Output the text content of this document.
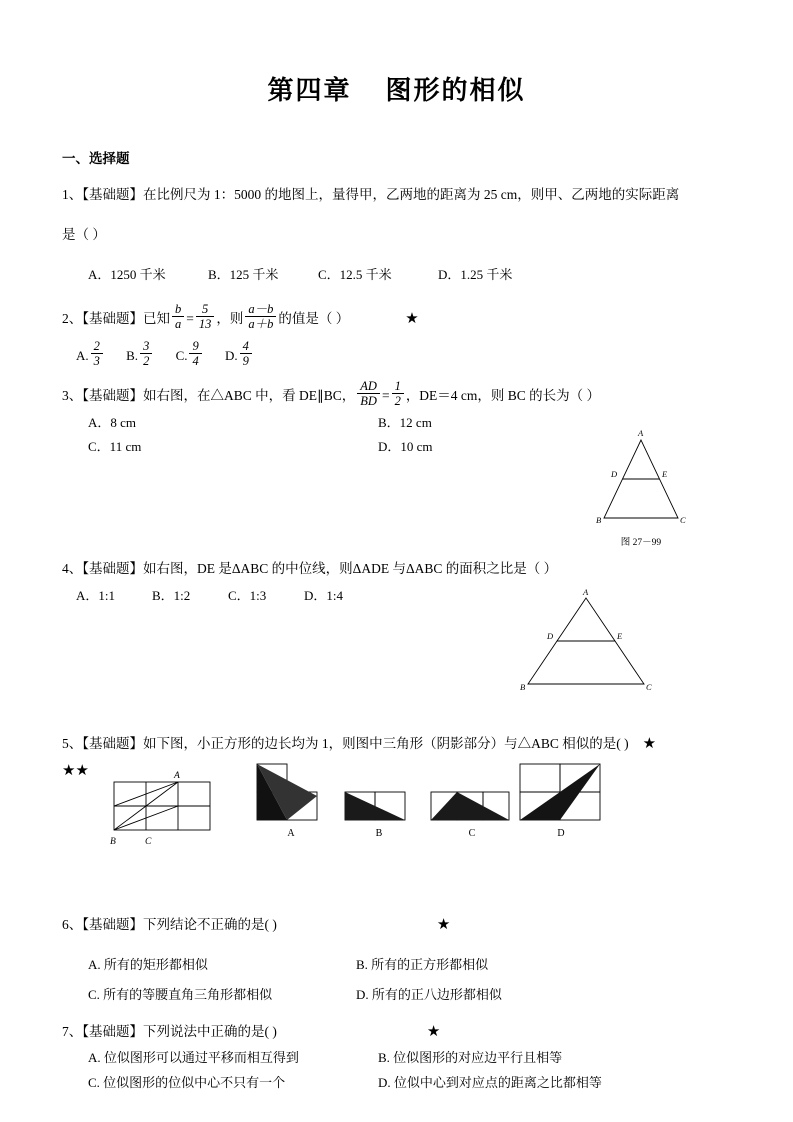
第四章 图形的相似
一、选择题
1、【基础题】在比例尺为 1：5000 的地图上，量得甲，乙两地的距离为 25 cm，则甲、乙两地的实际距离
是（ ）
A．1250 千米	B．125 千米	C．12.5 千米	D．1.25 千米
2、【基础题】已知 $\frac{b}{a} = \frac{5}{13}$ ，则 $\frac{a-b}{a+b}$ 的值是（ ）	★
A. $\frac{2}{3} B$. $\frac{3}{2} C$. $\frac{9}{4} D$. $\frac{4}{9}$
3、【基础题】如右图，在△ABC 中，看 DE∥BC， $\frac{AD}{BD} = \frac{1}{2}$ ，DE＝4 cm，则 BC 的长为（ ）
A．8 cm	B．12 cm
C．11 cm	D．10 cm
4、【基础题】如右图，DE 是ΔABC 的中位线，则ΔADE 与ΔABC 的面积之比是（ ）
A．1:1	B．1:2	C．1:3	D．1:4
5、【基础题】如下图，小正方形的边长均为 1，则图中三角形（阴影部分）与△ABC 相似的是( ) ★
★★
6、【基础题】下列结论不正确的是( )	★
A. 所有的矩形都相似	B. 所有的正方形都相似
C. 所有的等腰直角三角形都相似	D. 所有的正八边形都相似
7、【基础题】下列说法中正确的是( )	★
A. 位似图形可以通过平移而相互得到	B. 位似图形的对应边平行且相等
C. 位似图形的位似中心不只有一个	D. 位似中心到对应点的距离之比都相等
A
D	E
B	C
图 27－99
A
D	E
B	C
A
B	C
A	B	C	D
